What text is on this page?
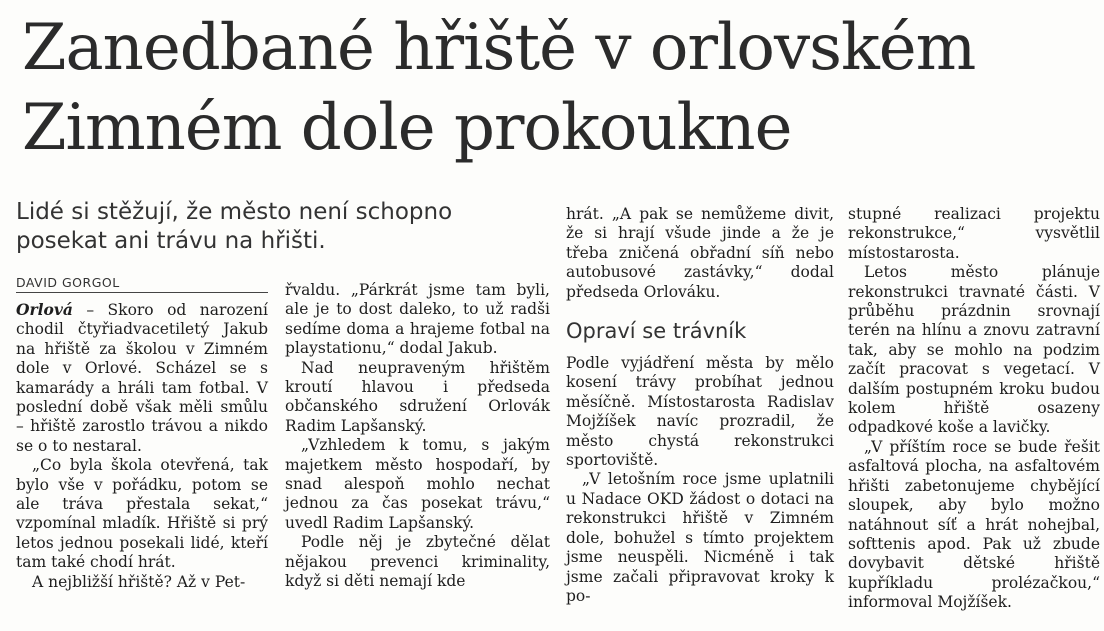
Zanedbané hřiště v orlovském
Zimném dole prokoukne
Lidé si stěžují, že město není schopno posekat ani trávu na hřišti.
DAVID GORGOL

Orlová – Skoro od narození chodil čtyřiadvacetiletý Jakub na hřiště za školou v Zimném dole v Orlové. Scházel se s kamarády a hráli tam fotbal. V poslední době však měli smůlu – hřiště zarostlo trávou a nikdo se o to nestaral.

„Co byla škola otevřená, tak bylo vše v pořádku, potom se ale tráva přestala sekat,“ vzpomínal mladík. Hřiště si prý letos jednou posekali lidé, kteří tam také chodí hrát.

A nejbližší hřiště? Až v Pet-

řvaldu. „Párkrát jsme tam byli, ale je to dost daleko, to už radši sedíme doma a hrajeme fotbal na playstationu,“ dodal Jakub.

Nad neupraveným hřištěm kroutí hlavou i předseda občanského sdružení Orlovák Radim Lapšanský.

„Vzhledem k tomu, s jakým majetkem město hospodaří, by snad alespoň mohlo nechat jednou za čas posekat trávu,“ uvedl Radim Lapšanský.

Podle něj je zbytečné dělat nějakou prevenci kriminality, když si děti nemají kde

hrát. „A pak se nemůžeme divit, že si hrají všude jinde a že je třeba zničená obřadní síň nebo autobusové zastávky,“ dodal předseda Orlováku.

Opraví se trávník

Podle vyjádření města by mělo kosení trávy probíhat jednou měsíčně. Místostarosta Radislav Mojžíšek navíc prozradil, že město chystá rekonstrukci sportoviště.

„V letošním roce jsme uplatnili u Nadace OKD žádost o dotaci na rekonstrukci hřiště v Zimném dole, bohužel s tímto projektem jsme neuspěli. Nicméně i tak jsme začali připravovat kroky k po-

stupné realizaci projektu rekonstrukce,“ vysvětlil místostarosta.

Letos město plánuje rekonstrukci travnaté části. V průběhu prázdnin srovnají terén na hlínu a znovu zatravní tak, aby se mohlo na podzim začít pracovat s vegetací. V dalším postupném kroku budou kolem hřiště osazeny odpadkové koše a lavičky.

„V příštím roce se bude řešit asfaltová plocha, na asfaltovém hřišti zabetonujeme chybějící sloupek, aby bylo možno natáhnout síť a hrát nohejbal, softtenis apod. Pak už zbude dovybavit dětské hřiště kupříkladu prolézačkou,“ informoval Mojžíšek.
